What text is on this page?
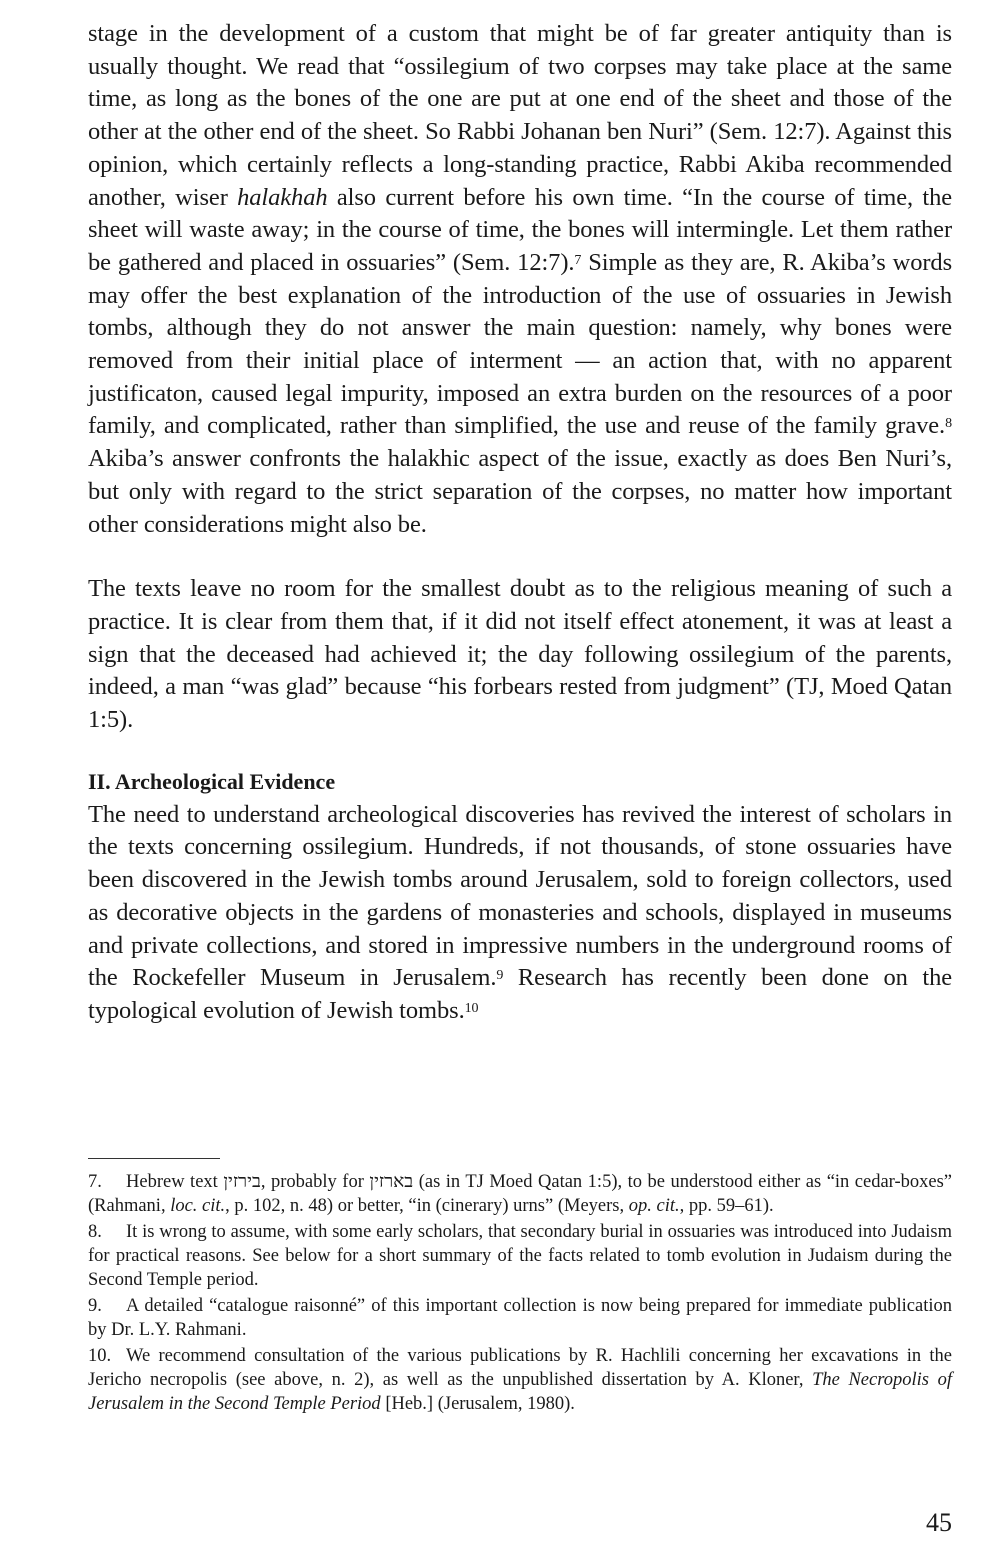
stage in the development of a custom that might be of far greater antiquity than is usually thought. We read that “ossilegium of two corpses may take place at the same time, as long as the bones of the one are put at one end of the sheet and those of the other at the other end of the sheet. So Rabbi Johanan ben Nuri” (Sem. 12:7). Against this opinion, which certainly reflects a long-standing practice, Rabbi Akiba recommended another, wiser halakhah also current before his own time. “In the course of time, the sheet will waste away; in the course of time, the bones will intermingle. Let them rather be gathered and placed in ossuaries” (Sem. 12:7).$^7$ Simple as they are, R. Akiba’s words may offer the best explanation of the introduction of the use of ossuaries in Jewish tombs, although they do not answer the main question: namely, why bones were removed from their initial place of interment — an action that, with no apparent justificaton, caused legal impurity, imposed an extra burden on the resources of a poor family, and complicated, rather than simplified, the use and reuse of the family grave.$^8$ Akiba’s answer confronts the halakhic aspect of the issue, exactly as does Ben Nuri’s, but only with regard to the strict separation of the corpses, no matter how important other considerations might also be.

The texts leave no room for the smallest doubt as to the religious meaning of such a practice. It is clear from them that, if it did not itself effect atonement, it was at least a sign that the deceased had achieved it; the day following ossilegium of the parents, indeed, a man “was glad” because “his forbears rested from judgment” (TJ, Moed Qatan 1:5).

II. Archeological Evidence

The need to understand archeological discoveries has revived the interest of scholars in the texts concerning ossilegium. Hundreds, if not thousands, of stone ossuaries have been discovered in the Jewish tombs around Jerusalem, sold to foreign collectors, used as decorative objects in the gardens of monasteries and schools, displayed in museums and private collections, and stored in impressive numbers in the underground rooms of the Rockefeller Museum in Jerusalem.$^9$ Research has recently been done on the typological evolution of Jewish tombs.$^{10}$

7. Hebrew text בירזין, probably for בארזין (as in TJ Moed Qatan 1:5), to be understood either as “in cedar-boxes” (Rahmani, loc. cit., p. 102, n. 48) or better, “in (cinerary) urns” (Meyers, op. cit., pp. 59–61).

8. It is wrong to assume, with some early scholars, that secondary burial in ossuaries was introduced into Judaism for practical reasons. See below for a short summary of the facts related to tomb evolution in Judaism during the Second Temple period.

9. A detailed “catalogue raisonné” of this important collection is now being prepared for immediate publication by Dr. L.Y. Rahmani.

10. We recommend consultation of the various publications by R. Hachlili concerning her excavations in the Jericho necropolis (see above, n. 2), as well as the unpublished dissertation by A. Kloner, The Necropolis of Jerusalem in the Second Temple Period [Heb.] (Jerusalem, 1980).

45
